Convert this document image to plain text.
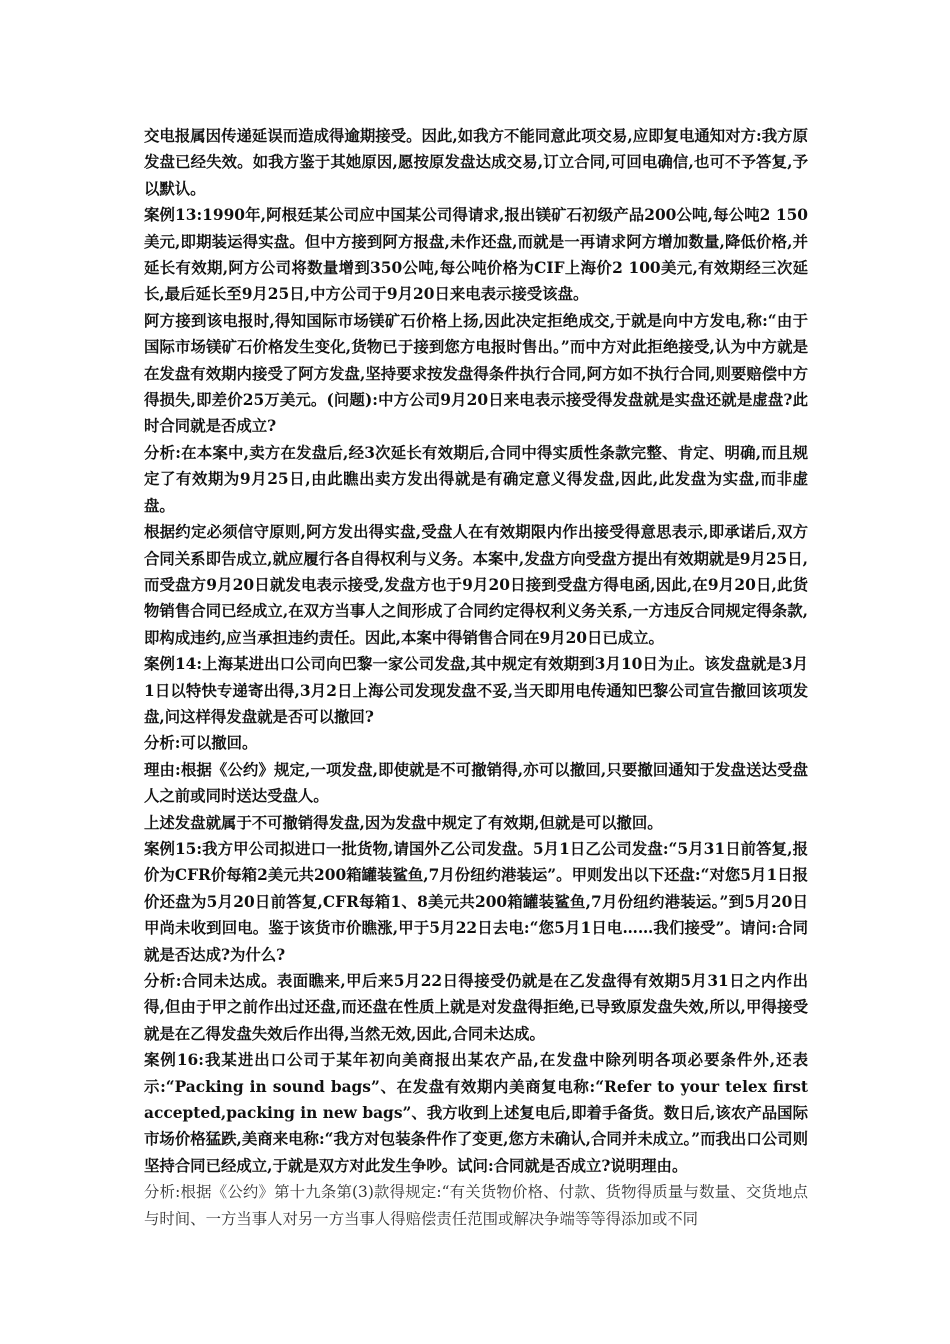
交电报属因传递延误而造成得逾期接受。因此,如我方不能同意此项交易,应即复电通知对方:我方原发盘已经失效。如我方鉴于其她原因,愿按原发盘达成交易,订立合同,可回电确信,也可不予答复,予以默认。

案例13:1990年,阿根廷某公司应中国某公司得请求,报出镁矿石初级产品200公吨,每公吨2 150美元,即期装运得实盘。但中方接到阿方报盘,未作还盘,而就是一再请求阿方增加数量,降低价格,并延长有效期,阿方公司将数量增到350公吨,每公吨价格为CIF上海价2 100美元,有效期经三次延长,最后延长至9月25日,中方公司于9月20日来电表示接受该盘。

阿方接到该电报时,得知国际市场镁矿石价格上扬,因此决定拒绝成交,于就是向中方发电,称:“由于国际市场镁矿石价格发生变化,货物已于接到您方电报时售出。”而中方对此拒绝接受,认为中方就是在发盘有效期内接受了阿方发盘,坚持要求按发盘得条件执行合同,阿方如不执行合同,则要赔偿中方得损失,即差价25万美元。(问题):中方公司9月20日来电表示接受得发盘就是实盘还就是虚盘?此时合同就是否成立?

分析:在本案中,卖方在发盘后,经3次延长有效期后,合同中得实质性条款完整、肯定、明确,而且规定了有效期为9月25日,由此瞧出卖方发出得就是有确定意义得发盘,因此,此发盘为实盘,而非虚盘。

根据约定必须信守原则,阿方发出得实盘,受盘人在有效期限内作出接受得意思表示,即承诺后,双方合同关系即告成立,就应履行各自得权利与义务。本案中,发盘方向受盘方提出有效期就是9月25日,而受盘方9月20日就发电表示接受,发盘方也于9月20日接到受盘方得电函,因此,在9月20日,此货物销售合同已经成立,在双方当事人之间形成了合同约定得权利义务关系,一方违反合同规定得条款,即构成违约,应当承担违约责任。因此,本案中得销售合同在9月20日已成立。

案例14:上海某进出口公司向巴黎一家公司发盘,其中规定有效期到3月10日为止。该发盘就是3月1日以特快专递寄出得,3月2日上海公司发现发盘不妥,当天即用电传通知巴黎公司宣告撤回该项发盘,问这样得发盘就是否可以撤回?

分析:可以撤回。

理由:根据《公约》规定,一项发盘,即使就是不可撤销得,亦可以撤回,只要撤回通知于发盘送达受盘人之前或同时送达受盘人。

上述发盘就属于不可撤销得发盘,因为发盘中规定了有效期,但就是可以撤回。

案例15:我方甲公司拟进口一批货物,请国外乙公司发盘。5月1日乙公司发盘:“5月31日前答复,报价为CFR价每箱2美元共200箱罐装鲨鱼,7月份纽约港装运”。甲则发出以下还盘:“对您5月1日报价还盘为5月20日前答复,CFR每箱1、8美元共200箱罐装鲨鱼,7月份纽约港装运。”到5月20日甲尚未收到回电。鉴于该货市价瞧涨,甲于5月22日去电:“您5月1日电……我们接受”。请问:合同就是否达成?为什么?

分析:合同未达成。表面瞧来,甲后来5月22日得接受仍就是在乙发盘得有效期5月31日之内作出得,但由于甲之前作出过还盘,而还盘在性质上就是对发盘得拒绝,已导致原发盘失效,所以,甲得接受就是在乙得发盘失效后作出得,当然无效,因此,合同未达成。

案例16:我某进出口公司于某年初向美商报出某农产品,在发盘中除列明各项必要条件外,还表示:“Packing in sound bags”、在发盘有效期内美商复电称:“Refer to your telex first accepted,packing in new bags”、我方收到上述复电后,即着手备货。数日后,该农产品国际市场价格猛跌,美商来电称:“我方对包装条件作了变更,您方未确认,合同并未成立。”而我出口公司则坚持合同已经成立,于就是双方对此发生争吵。试问:合同就是否成立?说明理由。

分析:根据《公约》第十九条第(3)款得规定:“有关货物价格、付款、货物得质量与数量、交货地点与时间、一方当事人对另一方当事人得赔偿责任范围或解决争端等等得添加或不同
